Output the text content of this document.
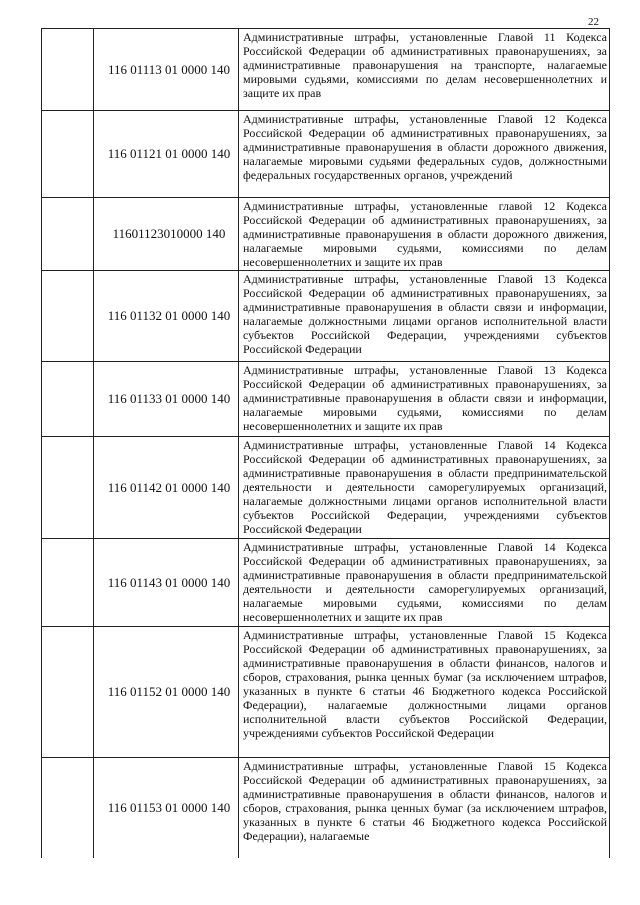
22
	116 01113 01 0000 140	Административные штрафы, установленные Главой 11 Кодекса Российской Федерации об административных правонарушениях, за административные правонарушения на транспорте, налагаемые мировыми судьями, комиссиями по делам несовершеннолетних и защите их прав
	116 01121 01 0000 140	Административные штрафы, установленные Главой 12 Кодекса Российской Федерации об административных правонарушениях, за административные правонарушения в области дорожного движения, налагаемые мировыми судьями федеральных судов, должностными федеральных государственных органов, учреждений
	11601123010000 140	Административные штрафы, установленные главой 12 Кодекса Российской Федерации об административных правонарушениях, за административные правонарушения в области дорожного движения, налагаемые мировыми судьями, комиссиями по делам несовершеннолетних и защите их прав
	116 01132 01 0000 140	Административные штрафы, установленные Главой 13 Кодекса Российской Федерации об административных правонарушениях, за административные правонарушения в области связи и информации, налагаемые должностными лицами органов исполнительной власти субъектов Российской Федерации, учреждениями субъектов Российской Федерации
	116 01133 01 0000 140	Административные штрафы, установленные Главой 13 Кодекса Российской Федерации об административных правонарушениях, за административные правонарушения в области связи и информации, налагаемые мировыми судьями, комиссиями по делам несовершеннолетних и защите их прав
	116 01142 01 0000 140	Административные штрафы, установленные Главой 14 Кодекса Российской Федерации об административных правонарушениях, за административные правонарушения в области предпринимательской деятельности и деятельности саморегулируемых организаций, налагаемые должностными лицами органов исполнительной власти субъектов Российской Федерации, учреждениями субъектов Российской Федерации
	116 01143 01 0000 140	Административные штрафы, установленные Главой 14 Кодекса Российской Федерации об административных правонарушениях, за административные правонарушения в области предпринимательской деятельности и деятельности саморегулируемых организаций, налагаемые мировыми судьями, комиссиями по делам несовершеннолетних и защите их прав
	116 01152 01 0000 140	Административные штрафы, установленные Главой 15 Кодекса Российской Федерации об административных правонарушениях, за административные правонарушения в области финансов, налогов и сборов, страхования, рынка ценных бумаг (за исключением штрафов, указанных в пункте 6 статьи 46 Бюджетного кодекса Российской Федерации), налагаемые должностными лицами органов исполнительной власти субъектов Российской Федерации, учреждениями субъектов Российской Федерации
	116 01153 01 0000 140	Административные штрафы, установленные Главой 15 Кодекса Российской Федерации об административных правонарушениях, за административные правонарушения в области финансов, налогов и сборов, страхования, рынка ценных бумаг (за исключением штрафов, указанных в пункте 6 статьи 46 Бюджетного кодекса Российской Федерации), налагаемые
